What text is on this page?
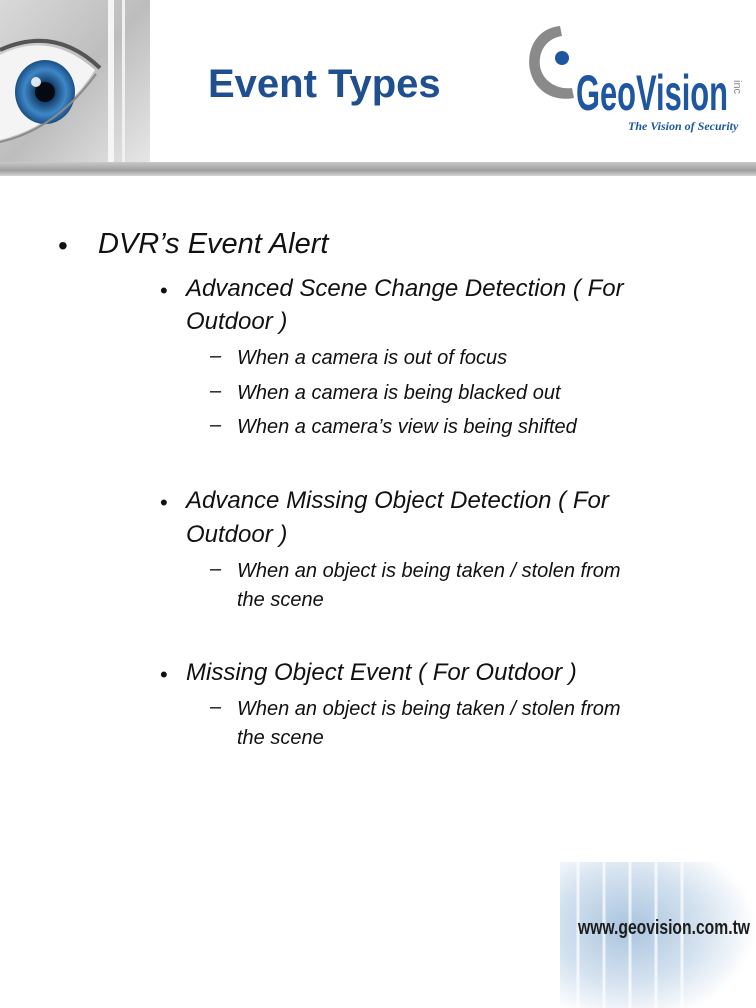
Event Types	GeoVision inc
The Vision of Security
• DVR’s Event Alert
• Advanced Scene Change Detection ( For
Outdoor )
– When a camera is out of focus
– When a camera is being blacked out
– When a camera’s view is being shifted
• Advance Missing Object Detection ( For
Outdoor )
– When an object is being taken / stolen from
the scene
• Missing Object Event ( For Outdoor )
– When an object is being taken / stolen from
the scene
www.geovision.com.tw
